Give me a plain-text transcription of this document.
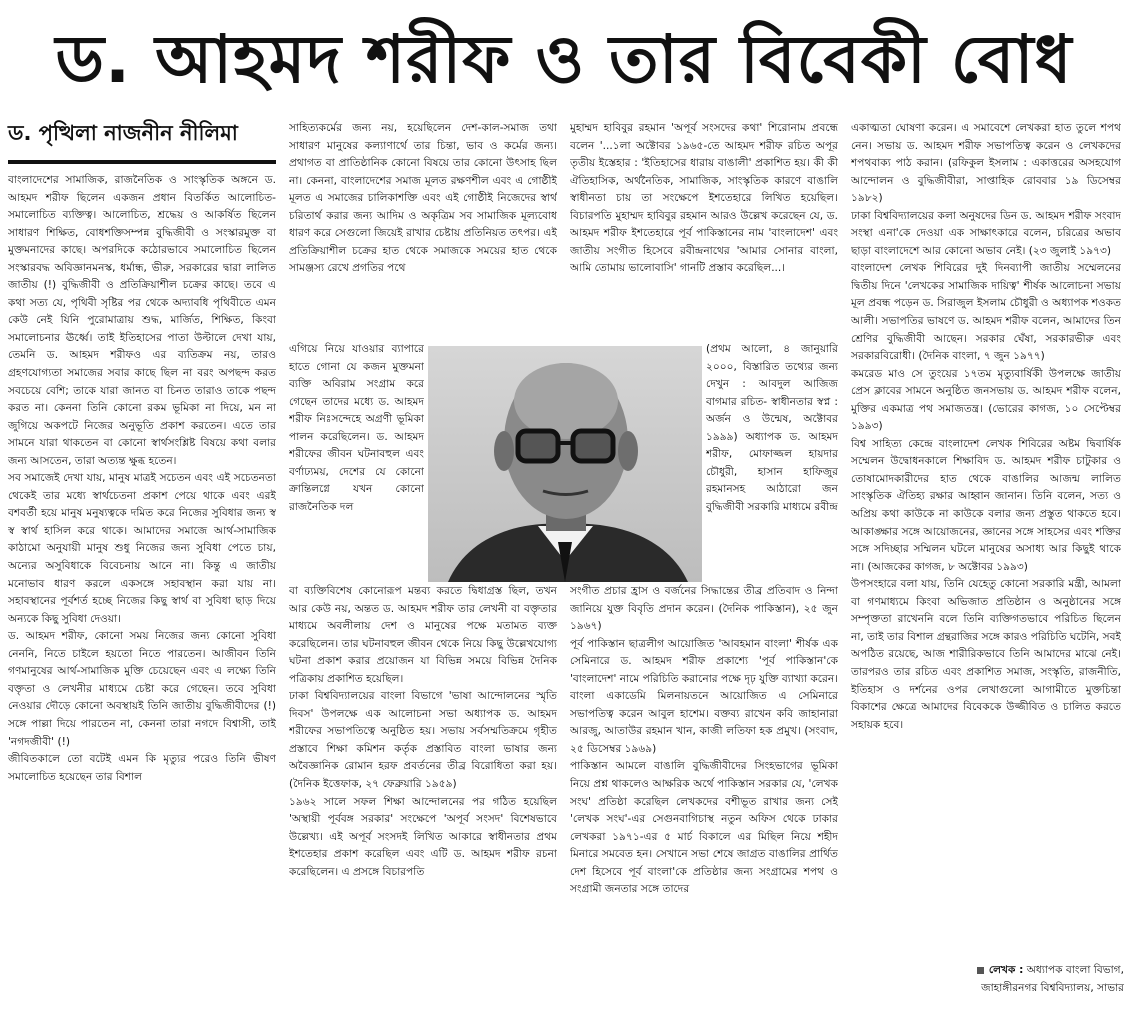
ড. আহমদ শরীফ ও তার বিবেকী বোধ
ড. পৃত্থিলা নাজনীন নীলিমা

বাংলাদেশের সামাজিক, রাজনৈতিক ও সাংস্কৃতিক অঙ্গনে ড. আহমদ শরীফ ছিলেন একজন প্রধান বিতর্কিত আলোচিত-সমালোচিত ব্যক্তিত্ব। আলোচিত, শ্রদ্ধেয় ও আকর্ষিত ছিলেন সাধারণ শিক্ষিত, বোধশক্তিসম্পন্ন বুদ্ধিজীবী ও সংস্কারমুক্ত বা মুক্তমনাদের কাছে। অপরদিকে কঠোরভাবে সমালোচিত ছিলেন সংস্কারবদ্ধ অবিজ্ঞানমনস্ক, ধর্মান্ধ, ভীরু, সরকারের দ্বারা লালিত জাতীয় (!) বুদ্ধিজীবী ও প্রতিক্রিয়াশীল চক্রের কাছে। তবে এ কথা সত্য যে, পৃথিবী সৃষ্টির পর থেকে অদ্যাবধি পৃথিবীতে এমন কেউ নেই যিনি পুরোমাত্রায় শুদ্ধ, মার্জিত, শিক্ষিত, কিংবা সমালোচনার ঊর্ধ্বে। তাই ইতিহাসের পাতা উল্টালে দেখা যায়, তেমনি ড. আহমদ শরীফও এর ব্যতিক্রম নয়, তারও গ্রহণযোগ্যতা সমাজের সবার কাছে ছিল না বরং অপছন্দ করত সবচেয়ে বেশি; তাকে যারা জানত বা চিনত তারাও তাকে পছন্দ করত না। কেননা তিনি কোনো রকম ভূমিকা না দিয়ে, মন না জুগিয়ে অকপটে নিজের অনুভূতি প্রকাশ করতেন। এতে তার সামনে যারা থাকতেন বা কোনো স্বার্থসংশ্লিষ্ট বিষয়ে কথা বলার জন্য আসতেন, তারা অত্যন্ত ক্ষুব্ধ হতেন।

সব সমাজেই দেখা যায়, মানুষ মাত্রই সচেতন এবং এই সচেতনতা থেকেই তার মধ্যে স্বার্থচেতনা প্রকাশ পেয়ে থাকে এবং এরই বশবর্তী হয়ে মানুষ মনুষ্যত্বকে দমিত করে নিজের সুবিধার জন্য স্ব স্ব স্বার্থ হাসিল করে থাকে। আমাদের সমাজে আর্থ-সামাজিক কাঠামো অনুযায়ী মানুষ শুধু নিজের জন্য সুবিধা পেতে চায়, অন্যের অসুবিধাকে বিবেচনায় আনে না। কিন্তু এ জাতীয় মনোভাব ধারণ করলে একসঙ্গে সহাবস্থান করা যায় না। সহাবস্থানের পূর্বশর্ত হচ্ছে নিজের কিছু স্বার্থ বা সুবিধা ছাড় দিয়ে অন্যকে কিছু সুবিধা দেওয়া।

ড. আহমদ শরীফ, কোনো সময় নিজের জন্য কোনো সুবিধা নেননি, নিতে চাইলে হয়তো নিতে পারতেন। আজীবন তিনি গণমানুষের আর্থ-সামাজিক মুক্তি চেয়েছেন এবং এ লক্ষ্যে তিনি বক্তৃতা ও লেখনীর মাধ্যমে চেষ্টা করে গেছেন। তবে সুবিধা নেওয়ার দৌড়ে কোনো অবস্থায়ই তিনি জাতীয় বুদ্ধিজীবীদের (!) সঙ্গে পাল্লা দিয়ে পারতেন না, কেননা তারা নগদে বিশ্বাসী, তাই 'নগদজীবী' (!)

জীবিতকালে তো বটেই এমন কি মৃত্যুর পরেও তিনি ভীষণ সমালোচিত হয়েছেন তার বিশাল

সাহিত্যকর্মের জন্য নয়, হয়েছিলেন দেশ-কাল-সমাজ তথা সাধারণ মানুষের কল্যাণার্থে তার চিন্তা, ভাব ও কর্মের জন্য। প্রথাগত বা প্রাতিষ্ঠানিক কোনো বিষয়ে তার কোনো উৎসাহ ছিল না। কেননা, বাংলাদেশের সমাজ মূলত রক্ষণশীল এবং এ গোষ্ঠীই মূলত এ সমাজের চালিকাশক্তি এবং এই গোষ্ঠীই নিজেদের স্বার্থ চরিতার্থ করার জন্য আদিম ও অকৃত্রিম সব সামাজিক মূল্যবোধ ধারণ করে সেগুলো জিয়েই রাখার চেষ্টায় প্রতিনিয়ত তৎপর। এই প্রতিক্রিয়াশীল চক্রের হাত থেকে সমাজকে সময়ের হাত থেকে সামঞ্জস্য রেখে প্রগতির পথে

এগিয়ে নিয়ে যাওয়ার ব্যাপারে হাতে গোনা যে কজন মুক্তমনা ব্যক্তি অবিরাম সংগ্রাম করে গেছেন তাদের মধ্যে ড. আহমদ শরীফ নিঃসন্দেহে অগ্রণী ভূমিকা পালন করেছিলেন। ড. আহমদ শরীফের জীবন ঘটনাবহুল এবং বর্ণাঢ্যময়, দেশের যে কোনো ক্রান্তিলগ্নে যখন কোনো রাজনৈতিক দল

বা ব্যক্তিবিশেষ কোনোরূপ মন্তব্য করতে দ্বিধাগ্রস্ত ছিল, তখন আর কেউ নয়, অন্তত ড. আহমদ শরীফ তার লেখনী বা বক্তৃতার মাধ্যমে অবলীলায় দেশ ও মানুষের পক্ষে মতামত ব্যক্ত করেছিলেন। তার ঘটনাবহুল জীবন থেকে নিয়ে কিছু উল্লেখযোগ্য ঘটনা প্রকাশ করার প্রয়োজন যা বিভিন্ন সময়ে বিভিন্ন দৈনিক পত্রিকায় প্রকাশিত হয়েছিল।

ঢাকা বিশ্ববিদ্যালয়ের বাংলা বিভাগে 'ভাষা আন্দোলনের স্মৃতি দিবস' উপলক্ষে এক আলোচনা সভা অধ্যাপক ড. আহমদ শরীফের সভাপতিত্বে অনুষ্ঠিত হয়। সভায় সর্বসম্মতিক্রমে গৃহীত প্রস্তাবে শিক্ষা কমিশন কর্তৃক প্রস্তাবিত বাংলা ভাষার জন্য অবৈজ্ঞানিক রোমান হরফ প্রবর্তনের তীব্র বিরোধিতা করা হয়। (দৈনিক ইত্তেফাক, ২৭ ফেব্রুয়ারি ১৯৫৯)

১৯৬২ সালে সফল শিক্ষা আন্দোলনের পর গঠিত হয়েছিল 'অস্থায়ী পূর্ববঙ্গ সরকার' সংক্ষেপে 'অপূর্ব সংসদ' বিশেষভাবে উল্লেখ্য। এই অপূর্ব সংসদই লিখিত আকারে স্বাধীনতার প্রথম ইশতেহার প্রকাশ করেছিল এবং এটি ড. আহমদ শরীফ রচনা করেছিলেন। এ প্রসঙ্গে বিচারপতি

মুহাম্মদ হাবিবুর রহমান 'অপূর্ব সংসদের কথা' শিরোনাম প্রবন্ধে বলেন '...১লা অক্টোবর ১৯৬৫-তে আহমদ শরীফ রচিত অপূর তৃতীয় ইস্তেহার : 'ইতিহাসের ধারায় বাঙালী' প্রকাশিত হয়। কী কী ঐতিহাসিক, অর্থনৈতিক, সামাজিক, সাংস্কৃতিক কারণে বাঙালি স্বাধীনতা চায় তা সংক্ষেপে ইশতেহারে লিখিত হয়েছিল। বিচারপতি মুহাম্মদ হাবিবুর রহমান আরও উল্লেখ করেছেন যে, ড. আহমদ শরীফ ইশতেহারে পূর্ব পাকিস্তানের নাম 'বাংলাদেশ' এবং জাতীয় সংগীত হিসেবে রবীন্দ্রনাথের 'আমার সোনার বাংলা, আমি তোমায় ভালোবাসি' গানটি প্রস্তাব করেছিল...।

(প্রথম আলো, ৪ জানুয়ারি ২০০০, বিস্তারিত তথ্যের জন্য দেখুন : আবদুল আজিজ বাগমার রচিত- স্বাধীনতার স্বপ্ন : অর্জন ও উন্মেষ, অক্টোবর ১৯৯৯) অধ্যাপক ড. আহমদ শরীফ, মোফাজ্জল হায়দার চৌধুরী, হাসান হাফিজুর রহমানসহ আঠারো জন বুদ্ধিজীবী সরকারি মাধ্যমে রবীন্দ্র

সংগীত প্রচার হ্রাস ও বর্জনের সিদ্ধান্তের তীব্র প্রতিবাদ ও নিন্দা জানিয়ে যুক্ত বিবৃতি প্রদান করেন। (দৈনিক পাকিস্তান), ২৫ জুন ১৯৬৭)

পূর্ব পাকিস্তান ছাত্রলীগ আয়োজিত 'আবহমান বাংলা' শীর্ষক এক সেমিনারে ড. আহমদ শরীফ প্রকাশ্যে 'পূর্ব পাকিস্তান'কে 'বাংলাদেশ' নামে পরিচিতি করানোর পক্ষে দৃঢ় যুক্তি ব্যাখ্যা করেন। বাংলা একাডেমি মিলনায়তনে আয়োজিত এ সেমিনারে সভাপতিত্ব করেন আবুল হাশেম। বক্তব্য রাখেন কবি জাহানারা আরজু, আতাউর রহমান খান, কাজী লতিফা হক প্রমুখ। (সংবাদ, ২৫ ডিসেম্বর ১৯৬৯)

পাকিস্তান আমলে বাঙালি বুদ্ধিজীবীদের সিংহভাগের ভূমিকা নিয়ে প্রশ্ন থাকলেও আক্ষরিক অর্থে পাকিস্তান সরকার যে, 'লেখক সংঘ' প্রতিষ্ঠা করেছিল লেখকদের বশীভূত রাখার জন্য সেই 'লেখক সংঘ'-এর সেগুনবাগিচাস্থ নতুন অফিস থেকে ঢাকার লেখকরা ১৯৭১-এর ৫ মার্চ বিকালে এর মিছিল নিয়ে শহীদ মিনারে সমবেত হন। সেখানে সভা শেষে জাগ্রত বাঙালির প্রার্থিত দেশ হিসেবে পূর্ব বাংলা'কে প্রতিষ্ঠার জন্য সংগ্রামের শপথ ও সংগ্রামী জনতার সঙ্গে তাদের

একাত্মতা ঘোষণা করেন। এ সমাবেশে লেখকরা হাত তুলে শপথ নেন। সভায় ড. আহমদ শরীফ সভাপতিত্ব করেন ও লেখকদের শপথবাক্য পাঠ করান। (রফিকুল ইসলাম : একাত্তরের অসহযোগ আন্দোলন ও বুদ্ধিজীবীরা, সাপ্তাহিক রোববার ১৯ ডিসেম্বর ১৯৮২)

ঢাকা বিশ্ববিদ্যালয়ের কলা অনুষদের ডিন ড. আহমদ শরীফ সংবাদ সংস্থা এনা'কে দেওয়া এক সাক্ষাৎকারে বলেন, চরিত্রের অভাব ছাড়া বাংলাদেশে আর কোনো অভাব নেই। (২৩ জুলাই ১৯৭৩)

বাংলাদেশ লেখক শিবিরের দুই দিনব্যাপী জাতীয় সম্মেলনের দ্বিতীয় দিনে 'লেখকের সামাজিক দায়িত্ব' শীর্ষক আলোচনা সভায় মূল প্রবন্ধ পড়েন ড. সিরাজুল ইসলাম চৌধুরী ও অধ্যাপক শওকত আলী। সভাপতির ভাষণে ড. আহমদ শরীফ বলেন, আমাদের তিন শ্রেণির বুদ্ধিজীবী আছেন। সরকার ঘেঁষা, সরকারভীরু এবং সরকারবিরোধী। (দৈনিক বাংলা, ৭ জুন ১৯৭৭)

কমরেড মাও সে তুংয়ের ১৭তম মৃত্যুবার্ষিকী উপলক্ষে জাতীয় প্রেস ক্লাবের সামনে অনুষ্ঠিত জনসভায় ড. আহমদ শরীফ বলেন, মুক্তির একমাত্র পথ সমাজতন্ত্র। (ভোরের কাগজ, ১০ সেপ্টেম্বর ১৯৯৩)

বিশ্ব সাহিত্য কেন্দ্রে বাংলাদেশ লেখক শিবিরের অষ্টম দ্বিবার্ষিক সম্মেলন উদ্বোধনকালে শিক্ষাবিদ ড. আহমদ শরীফ চাটুকার ও তোষামোদকারীদের হাত থেকে বাঙালির আজন্ম লালিত সাংস্কৃতিক ঐতিহ্য রক্ষার আহ্বান জানান। তিনি বলেন, সত্য ও অপ্রিয় কথা কাউকে না কাউকে বলার জন্য প্রস্তুত থাকতে হবে। আকাঙ্ক্ষার সঙ্গে আয়োজনের, জ্ঞানের সঙ্গে সাহসের এবং শক্তির সঙ্গে সদিচ্ছার সম্মিলন ঘটলে মানুষের অসাধ্য আর কিছুই থাকে না। (আজকের কাগজ, ৮ অক্টোবর ১৯৯৩)

উপসংহারে বলা যায়, তিনি যেহেতু কোনো সরকারি মন্ত্রী, আমলা বা গণমাধ্যমে কিংবা অভিজাত প্রতিষ্ঠান ও অনুষ্ঠানের সঙ্গে সম্পৃক্ততা রাখেননি বলে তিনি ব্যক্তিগতভাবে পরিচিত ছিলেন না, তাই তার বিশাল গ্রন্থরাজির সঙ্গে কারও পরিচিতি ঘটেনি, সবই অপঠিত রয়েছে, আজ শারীরিকভাবে তিনি আমাদের মাঝে নেই। তারপরও তার রচিত এবং প্রকাশিত সমাজ, সংস্কৃতি, রাজনীতি, ইতিহাস ও দর্শনের ওপর লেখাগুলো আগামীতে মুক্তচিন্তা বিকাশের ক্ষেত্রে আমাদের বিবেককে উজ্জীবিত ও চালিত করতে সহায়ক হবে।

লেখক : অধ্যাপক বাংলা বিভাগ,
জাহাঙ্গীরনগর বিশ্ববিদ্যালয়, সাভার
